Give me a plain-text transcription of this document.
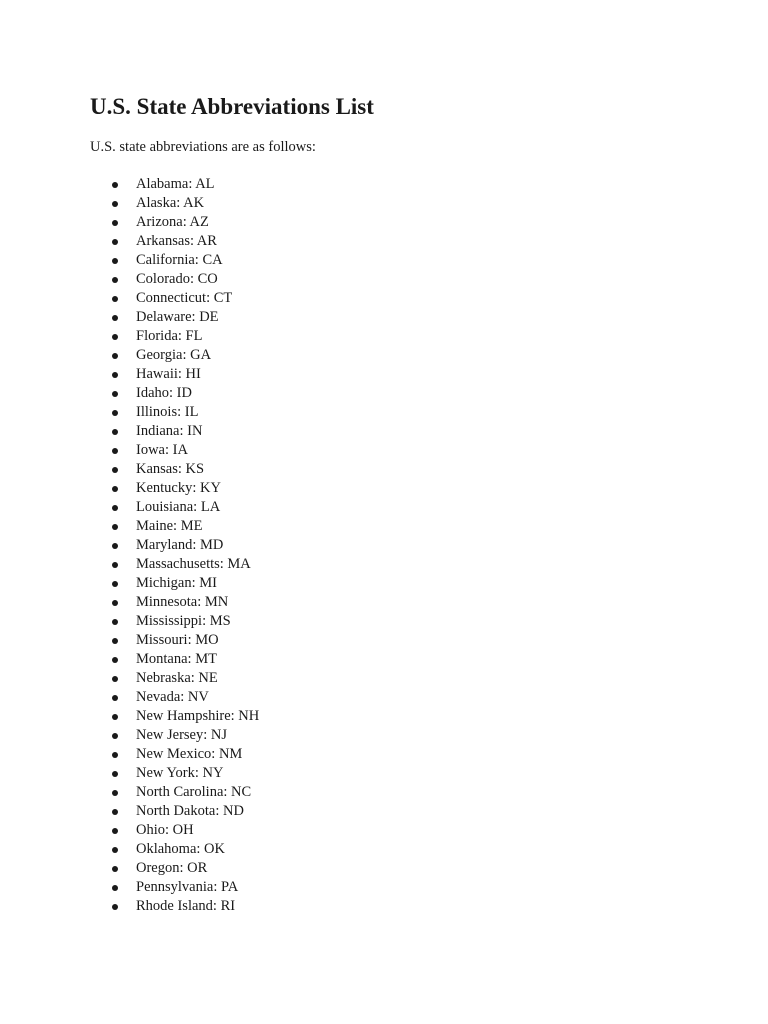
U.S. State Abbreviations List

U.S. state abbreviations are as follows:

Alabama: AL
Alaska: AK
Arizona: AZ
Arkansas: AR
California: CA
Colorado: CO
Connecticut: CT
Delaware: DE
Florida: FL
Georgia: GA
Hawaii: HI
Idaho: ID
Illinois: IL
Indiana: IN
Iowa: IA
Kansas: KS
Kentucky: KY
Louisiana: LA
Maine: ME
Maryland: MD
Massachusetts: MA
Michigan: MI
Minnesota: MN
Mississippi: MS
Missouri: MO
Montana: MT
Nebraska: NE
Nevada: NV
New Hampshire: NH
New Jersey: NJ
New Mexico: NM
New York: NY
North Carolina: NC
North Dakota: ND
Ohio: OH
Oklahoma: OK
Oregon: OR
Pennsylvania: PA
Rhode Island: RI
